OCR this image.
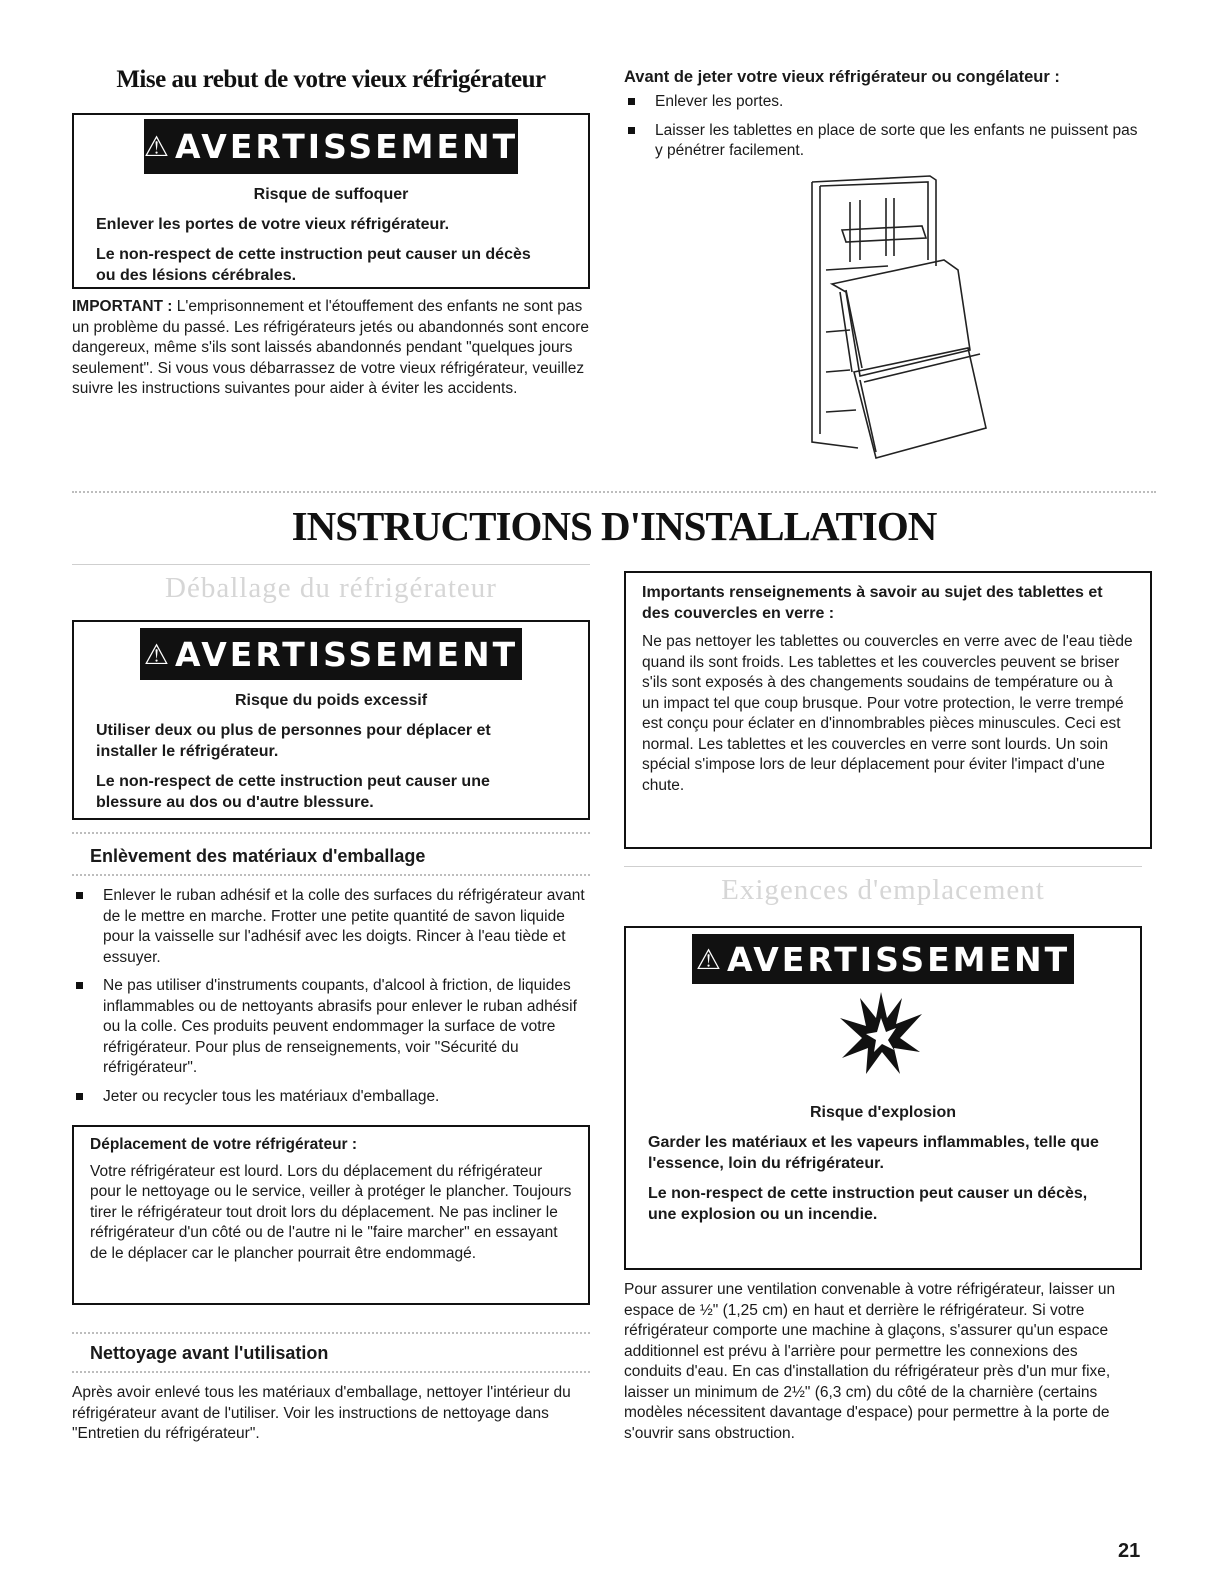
Mise au rebut de votre vieux réfrigérateur
⚠ AVERTISSEMENT

Risque de suffoquer

Enlever les portes de votre vieux réfrigérateur.

Le non-respect de cette instruction peut causer un décès ou des lésions cérébrales.

IMPORTANT : L'emprisonnement et l'étouffement des enfants ne sont pas un problème du passé. Les réfrigérateurs jetés ou abandonnés sont encore dangereux, même s'ils sont laissés abandonnés pendant "quelques jours seulement". Si vous vous débarrassez de votre vieux réfrigérateur, veuillez suivre les instructions suivantes pour aider à éviter les accidents.
Avant de jeter votre vieux réfrigérateur ou congélateur :
Enlever les portes.
Laisser les tablettes en place de sorte que les enfants ne puissent pas y pénétrer facilement.
INSTRUCTIONS D'INSTALLATION
Déballage du réfrigérateur
⚠ AVERTISSEMENT

Risque du poids excessif

Utiliser deux ou plus de personnes pour déplacer et installer le réfrigérateur.

Le non-respect de cette instruction peut causer une blessure au dos ou d'autre blessure.

Enlèvement des matériaux d'emballage
Enlever le ruban adhésif et la colle des surfaces du réfrigérateur avant de le mettre en marche. Frotter une petite quantité de savon liquide pour la vaisselle sur l'adhésif avec les doigts. Rincer à l'eau tiède et essuyer.
Ne pas utiliser d'instruments coupants, d'alcool à friction, de liquides inflammables ou de nettoyants abrasifs pour enlever le ruban adhésif ou la colle. Ces produits peuvent endommager la surface de votre réfrigérateur. Pour plus de renseignements, voir "Sécurité du réfrigérateur".
Jeter ou recycler tous les matériaux d'emballage.
Déplacement de votre réfrigérateur :
Votre réfrigérateur est lourd. Lors du déplacement du réfrigérateur pour le nettoyage ou le service, veiller à protéger le plancher. Toujours tirer le réfrigérateur tout droit lors du déplacement. Ne pas incliner le réfrigérateur d'un côté ou de l'autre ni le "faire marcher" en essayant de le déplacer car le plancher pourrait être endommagé.
Nettoyage avant l'utilisation
Après avoir enlevé tous les matériaux d'emballage, nettoyer l'intérieur du réfrigérateur avant de l'utiliser. Voir les instructions de nettoyage dans "Entretien du réfrigérateur".
Importants renseignements à savoir au sujet des tablettes et des couvercles en verre :
Ne pas nettoyer les tablettes ou couvercles en verre avec de l'eau tiède quand ils sont froids. Les tablettes et les couvercles peuvent se briser s'ils sont exposés à des changements soudains de température ou à un impact tel que coup brusque. Pour votre protection, le verre trempé est conçu pour éclater en d'innombrables pièces minuscules. Ceci est normal. Les tablettes et les couvercles en verre sont lourds. Un soin spécial s'impose lors de leur déplacement pour éviter l'impact d'une chute.
Exigences d'emplacement
⚠ AVERTISSEMENT

Risque d'explosion

Garder les matériaux et les vapeurs inflammables, telle que l'essence, loin du réfrigérateur.

Le non-respect de cette instruction peut causer un décès, une explosion ou un incendie.

Pour assurer une ventilation convenable à votre réfrigérateur, laisser un espace de ½" (1,25 cm) en haut et derrière le réfrigérateur. Si votre réfrigérateur comporte une machine à glaçons, s'assurer qu'un espace additionnel est prévu à l'arrière pour permettre les connexions des conduits d'eau. En cas d'installation du réfrigérateur près d'un mur fixe, laisser un minimum de 2½" (6,3 cm) du côté de la charnière (certains modèles nécessitent davantage d'espace) pour permettre à la porte de s'ouvrir sans obstruction.
21
